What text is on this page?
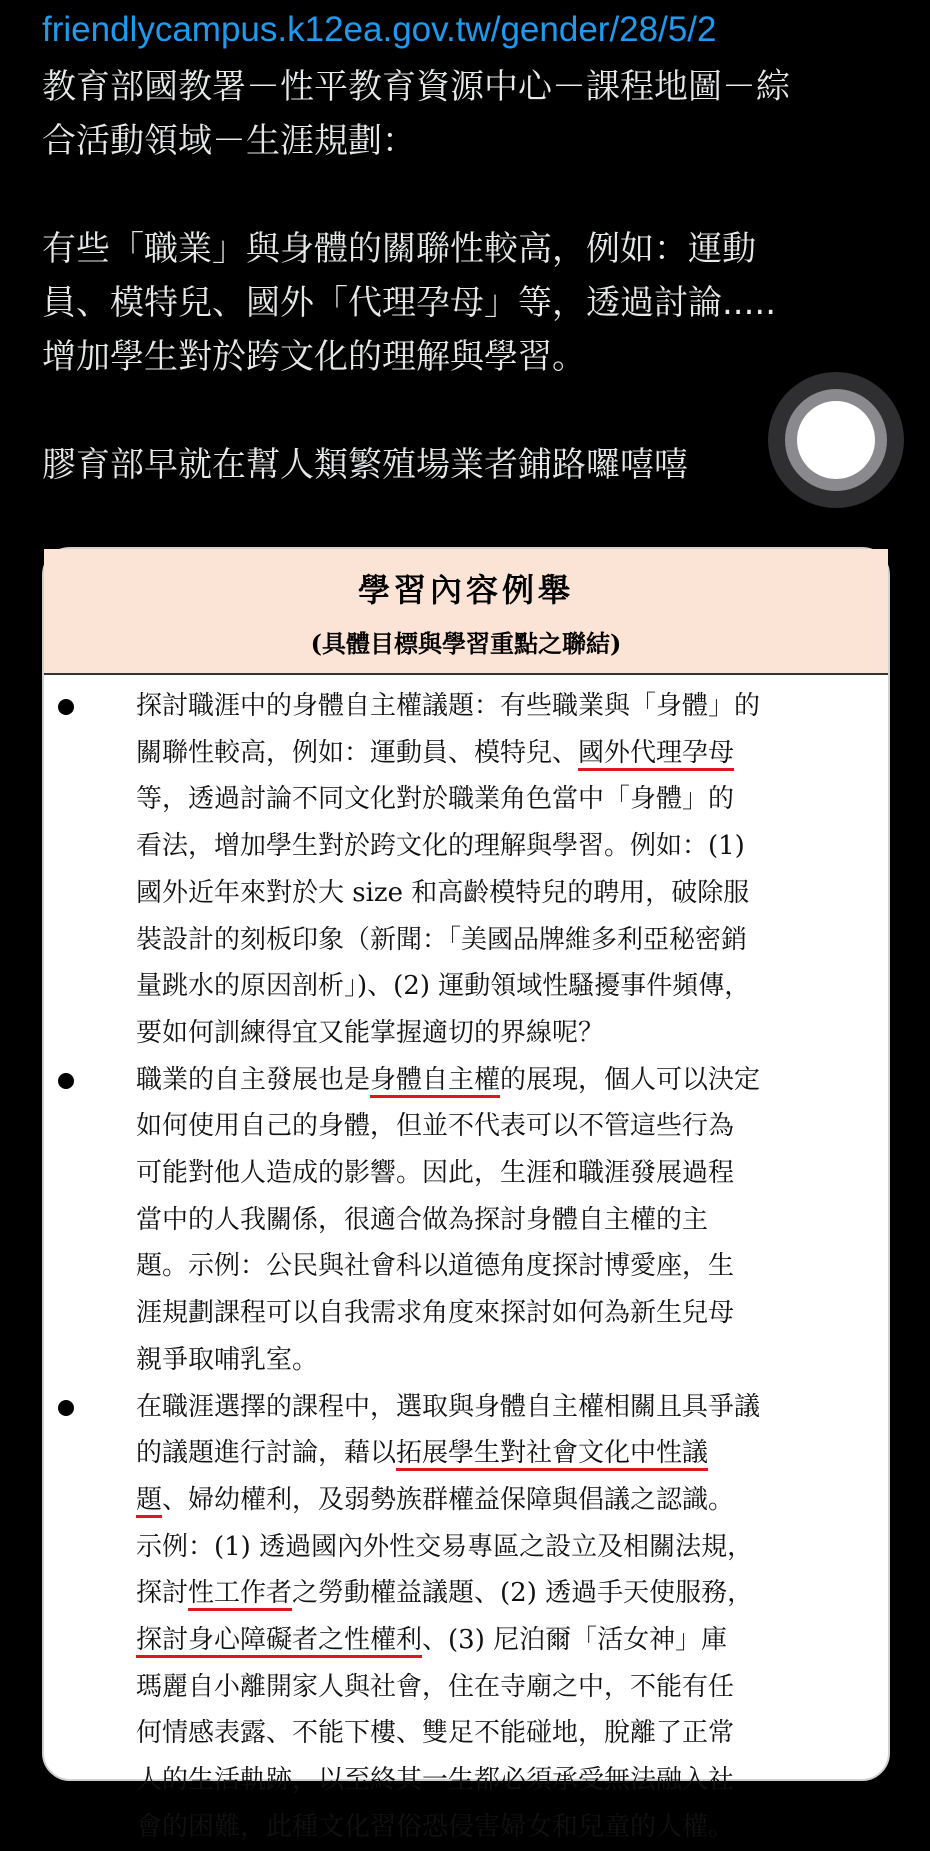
friendlycampus.k12ea.gov.tw/gender/28/5/2
教育部國教署－性平教育資源中心－課程地圖－綜
合活動領域－生涯規劃：
有些「職業」與身體的關聯性較高，例如：運動
員、模特兒、國外「代理孕母」等，透過討論.....
增加學生對於跨文化的理解與學習。
膠育部早就在幫人類繁殖場業者鋪路囉嘻嘻
學習內容例舉
(具體目標與學習重點之聯結)
探討職涯中的身體自主權議題：有些職業與「身體」的
關聯性較高，例如：運動員、模特兒、國外代理孕母
等，透過討論不同文化對於職業角色當中「身體」的
看法，增加學生對於跨文化的理解與學習。例如：(1)
國外近年來對於大 size 和高齡模特兒的聘用，破除服
裝設計的刻板印象（新聞：「美國品牌維多利亞秘密銷
量跳水的原因剖析」)、(2) 運動領域性騷擾事件頻傳，
要如何訓練得宜又能掌握適切的界線呢？
職業的自主發展也是身體自主權的展現，個人可以決定
如何使用自己的身體，但並不代表可以不管這些行為
可能對他人造成的影響。因此，生涯和職涯發展過程
當中的人我關係，很適合做為探討身體自主權的主
題。示例：公民與社會科以道德角度探討博愛座，生
涯規劃課程可以自我需求角度來探討如何為新生兒母
親爭取哺乳室。
在職涯選擇的課程中，選取與身體自主權相關且具爭議
的議題進行討論，藉以拓展學生對社會文化中性議
題、婦幼權利，及弱勢族群權益保障與倡議之認識。
示例：(1) 透過國內外性交易專區之設立及相關法規，
探討性工作者之勞動權益議題、(2) 透過手天使服務，
探討身心障礙者之性權利、(3) 尼泊爾「活女神」庫
瑪麗自小離開家人與社會，住在寺廟之中，不能有任
何情感表露、不能下樓、雙足不能碰地，脫離了正常
人的生活軌跡，以至終其一生都必須承受無法融入社
會的困難，此種文化習俗恐侵害婦女和兒童的人權。
